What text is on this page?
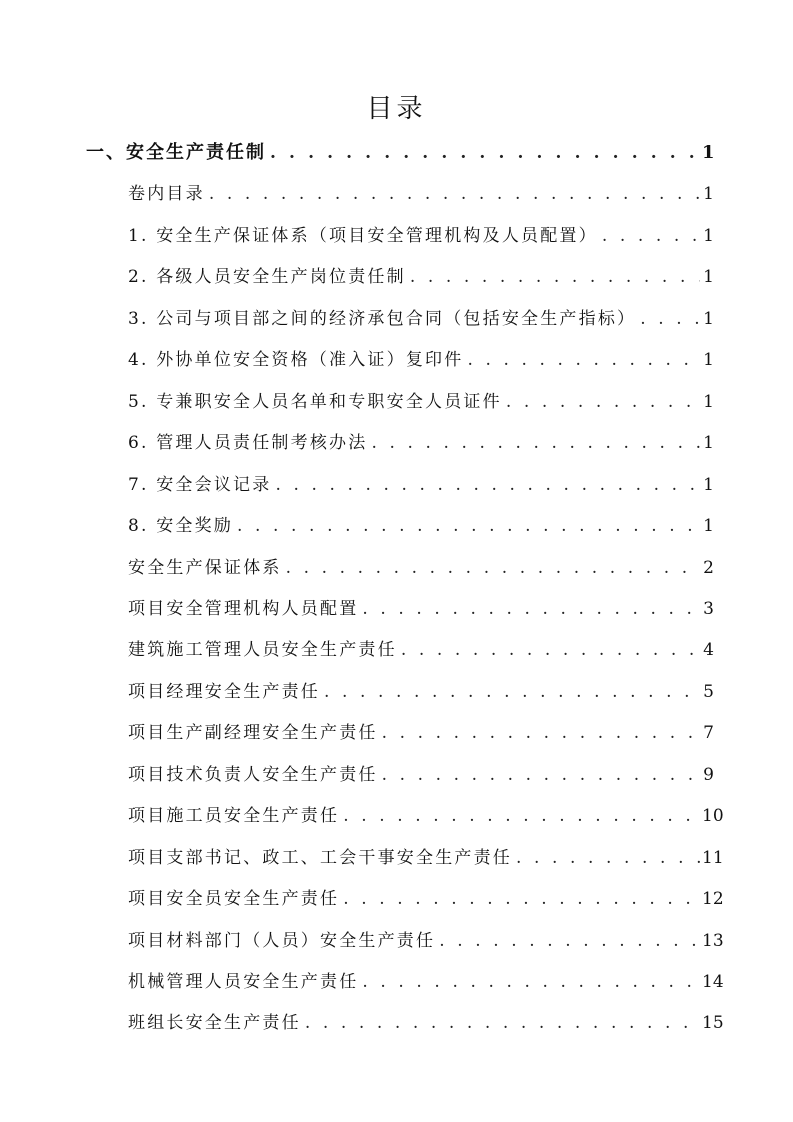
目录
一、安全生产责任制 . . .	1
卷内目录 . . .	1
1. 安全生产保证体系（项目安全管理机构及人员配置） . . .	1
2. 各级人员安全生产岗位责任制 . . .	1
3. 公司与项目部之间的经济承包合同（包括安全生产指标） . . .	1
4. 外协单位安全资格（准入证）复印件 . . .	1
5. 专兼职安全人员名单和专职安全人员证件 . . .	1
6. 管理人员责任制考核办法 . . .	1
7. 安全会议记录 . . .	1
8. 安全奖励 . . .	1
安全生产保证体系 . . .	2
项目安全管理机构人员配置 . . .	3
建筑施工管理人员安全生产责任 . . .	4
项目经理安全生产责任 . . .	5
项目生产副经理安全生产责任 . . .	7
项目技术负责人安全生产责任 . . .	9
项目施工员安全生产责任 . . .	10
项目支部书记、政工、工会干事安全生产责任 . . .	11
项目安全员安全生产责任 . . .	12
项目材料部门（人员）安全生产责任 . . .	13
机械管理人员安全生产责任 . . .	14
班组长安全生产责任 . . .	15
